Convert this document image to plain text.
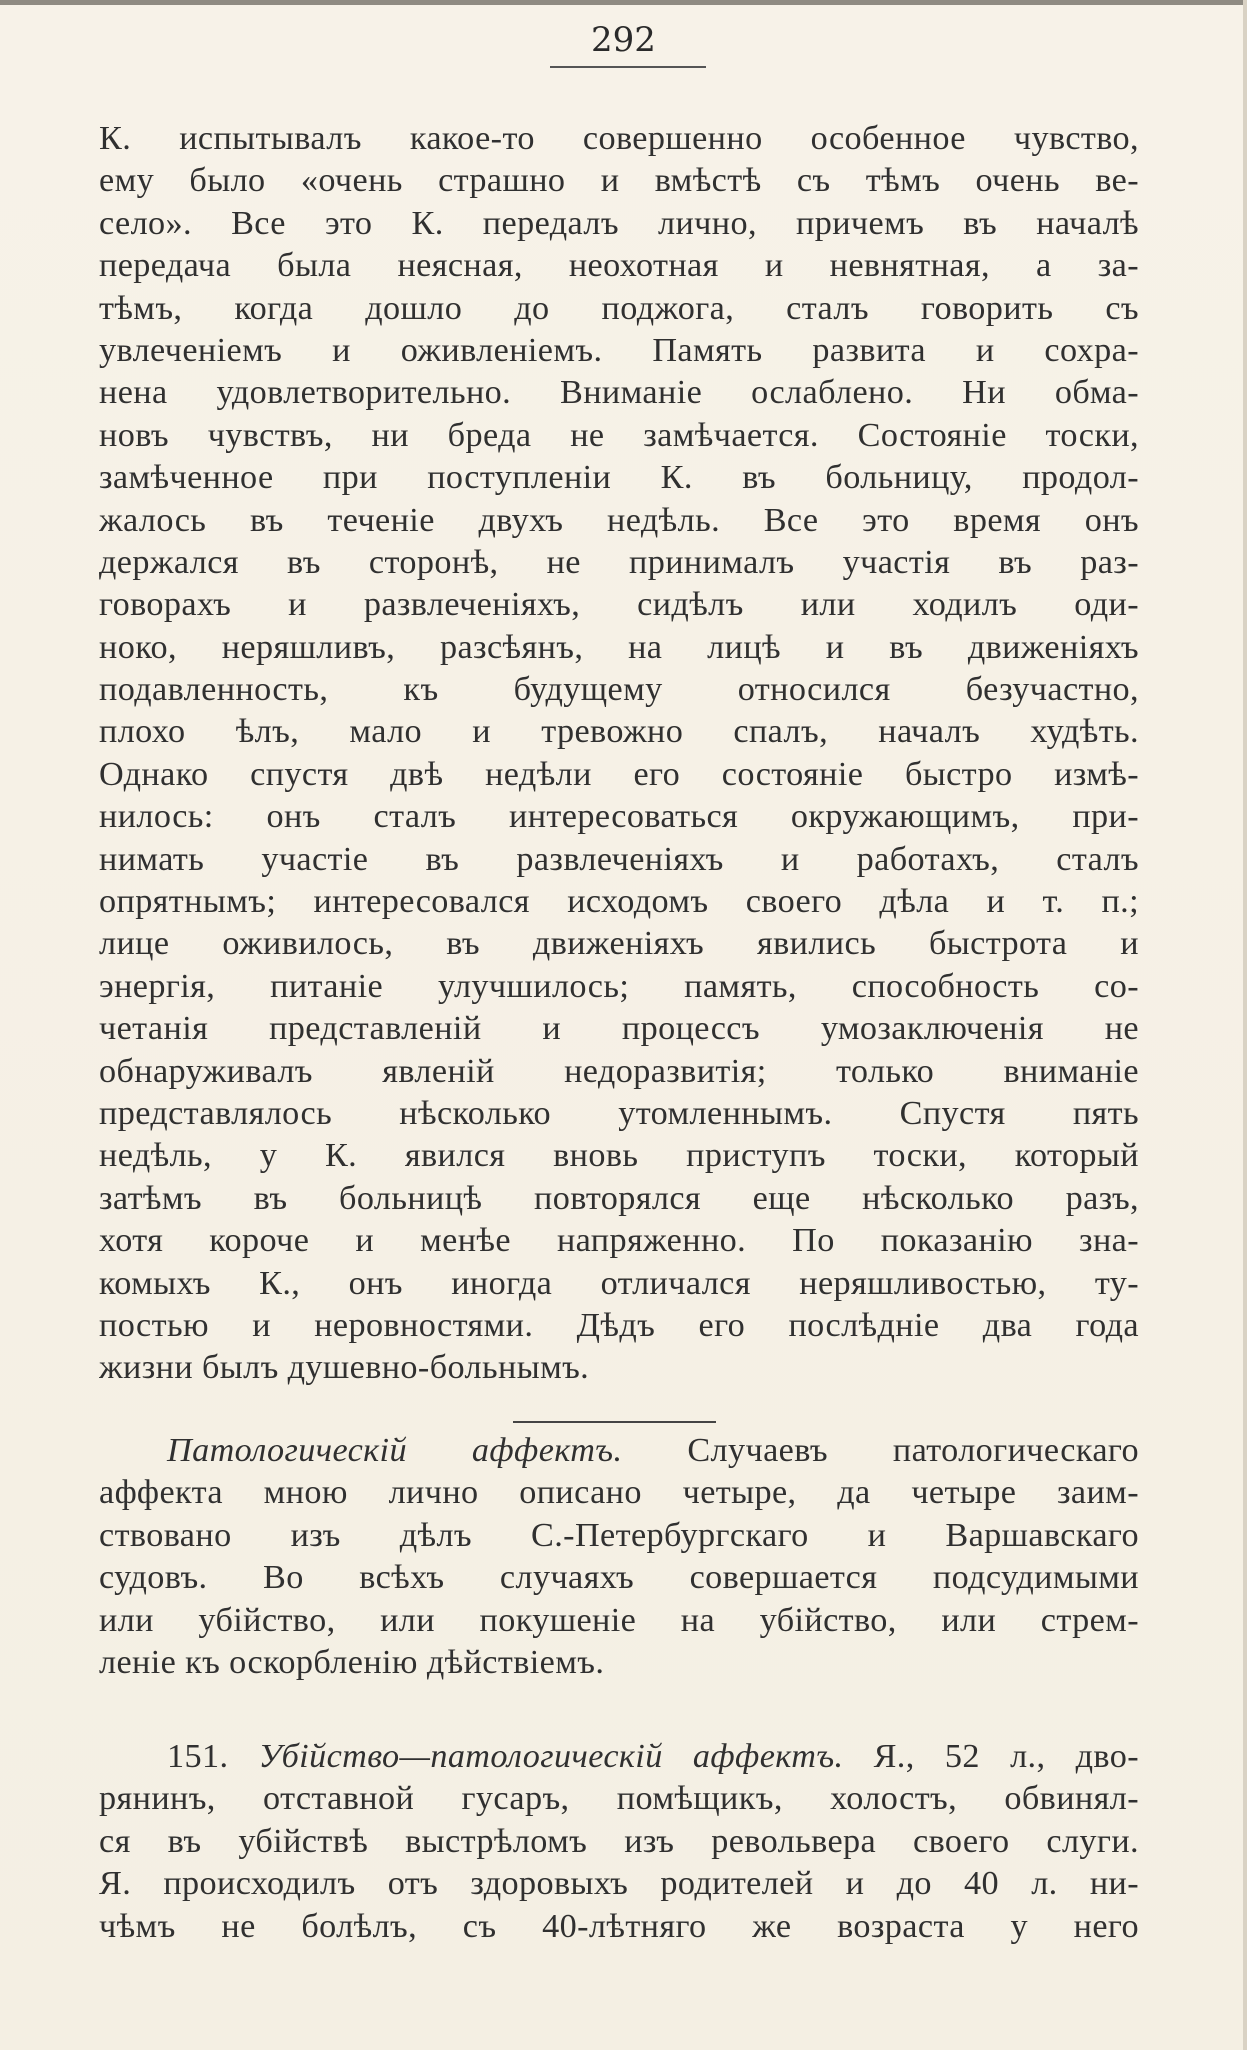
292
К. испытывалъ какое-то совершенно особенное чувство,
ему было «очень страшно и вмѣстѣ съ тѣмъ очень ве-
село». Все это К. передалъ лично, причемъ въ началѣ
передача была неясная, неохотная и невнятная, а за-
тѣмъ, когда дошло до поджога, сталъ говорить съ
увлеченіемъ и оживленіемъ. Память развита и сохра-
нена удовлетворительно. Вниманіе ослаблено. Ни обма-
новъ чувствъ, ни бреда не замѣчается. Состояніе тоски,
замѣченное при поступленіи К. въ больницу, продол-
жалось въ теченіе двухъ недѣль. Все это время онъ
держался въ сторонѣ, не принималъ участія въ раз-
говорахъ и развлеченіяхъ, сидѣлъ или ходилъ оди-
ноко, неряшливъ, разсѣянъ, на лицѣ и въ движеніяхъ
подавленность, къ будущему относился безучастно,
плохо ѣлъ, мало и тревожно спалъ, началъ худѣть.
Однако спустя двѣ недѣли его состояніе быстро измѣ-
нилось: онъ сталъ интересоваться окружающимъ, при-
нимать участіе въ развлеченіяхъ и работахъ, сталъ
опрятнымъ; интересовался исходомъ своего дѣла и т. п.;
лице оживилось, въ движеніяхъ явились быстрота и
энергія, питаніе улучшилось; память, способность со-
четанія представленій и процессъ умозаключенія не
обнаруживалъ явленій недоразвитія; только вниманіе
представлялось нѣсколько утомленнымъ. Спустя пять
недѣль, у К. явился вновь приступъ тоски, который
затѣмъ въ больницѣ повторялся еще нѣсколько разъ,
хотя короче и менѣе напряженно. По показанію зна-
комыхъ К., онъ иногда отличался неряшливостью, ту-
постью и неровностями. Дѣдъ его послѣдніе два года
жизни былъ душевно-больнымъ.
Патологическій аффектъ. Случаевъ патологическаго
аффекта мною лично описано четыре, да четыре заим-
ствовано изъ дѣлъ С.-Петербургскаго и Варшавскаго
судовъ. Во всѣхъ случаяхъ совершается подсудимыми
или убійство, или покушеніе на убійство, или стрем-
леніе къ оскорбленію дѣйствіемъ.
151. Убійство—патологическій аффектъ. Я., 52 л., дво-
рянинъ, отставной гусаръ, помѣщикъ, холостъ, обвинял-
ся въ убійствѣ выстрѣломъ изъ револьвера своего слуги.
Я. происходилъ отъ здоровыхъ родителей и до 40 л. ни-
чѣмъ не болѣлъ, съ 40-лѣтняго же возраста у него
